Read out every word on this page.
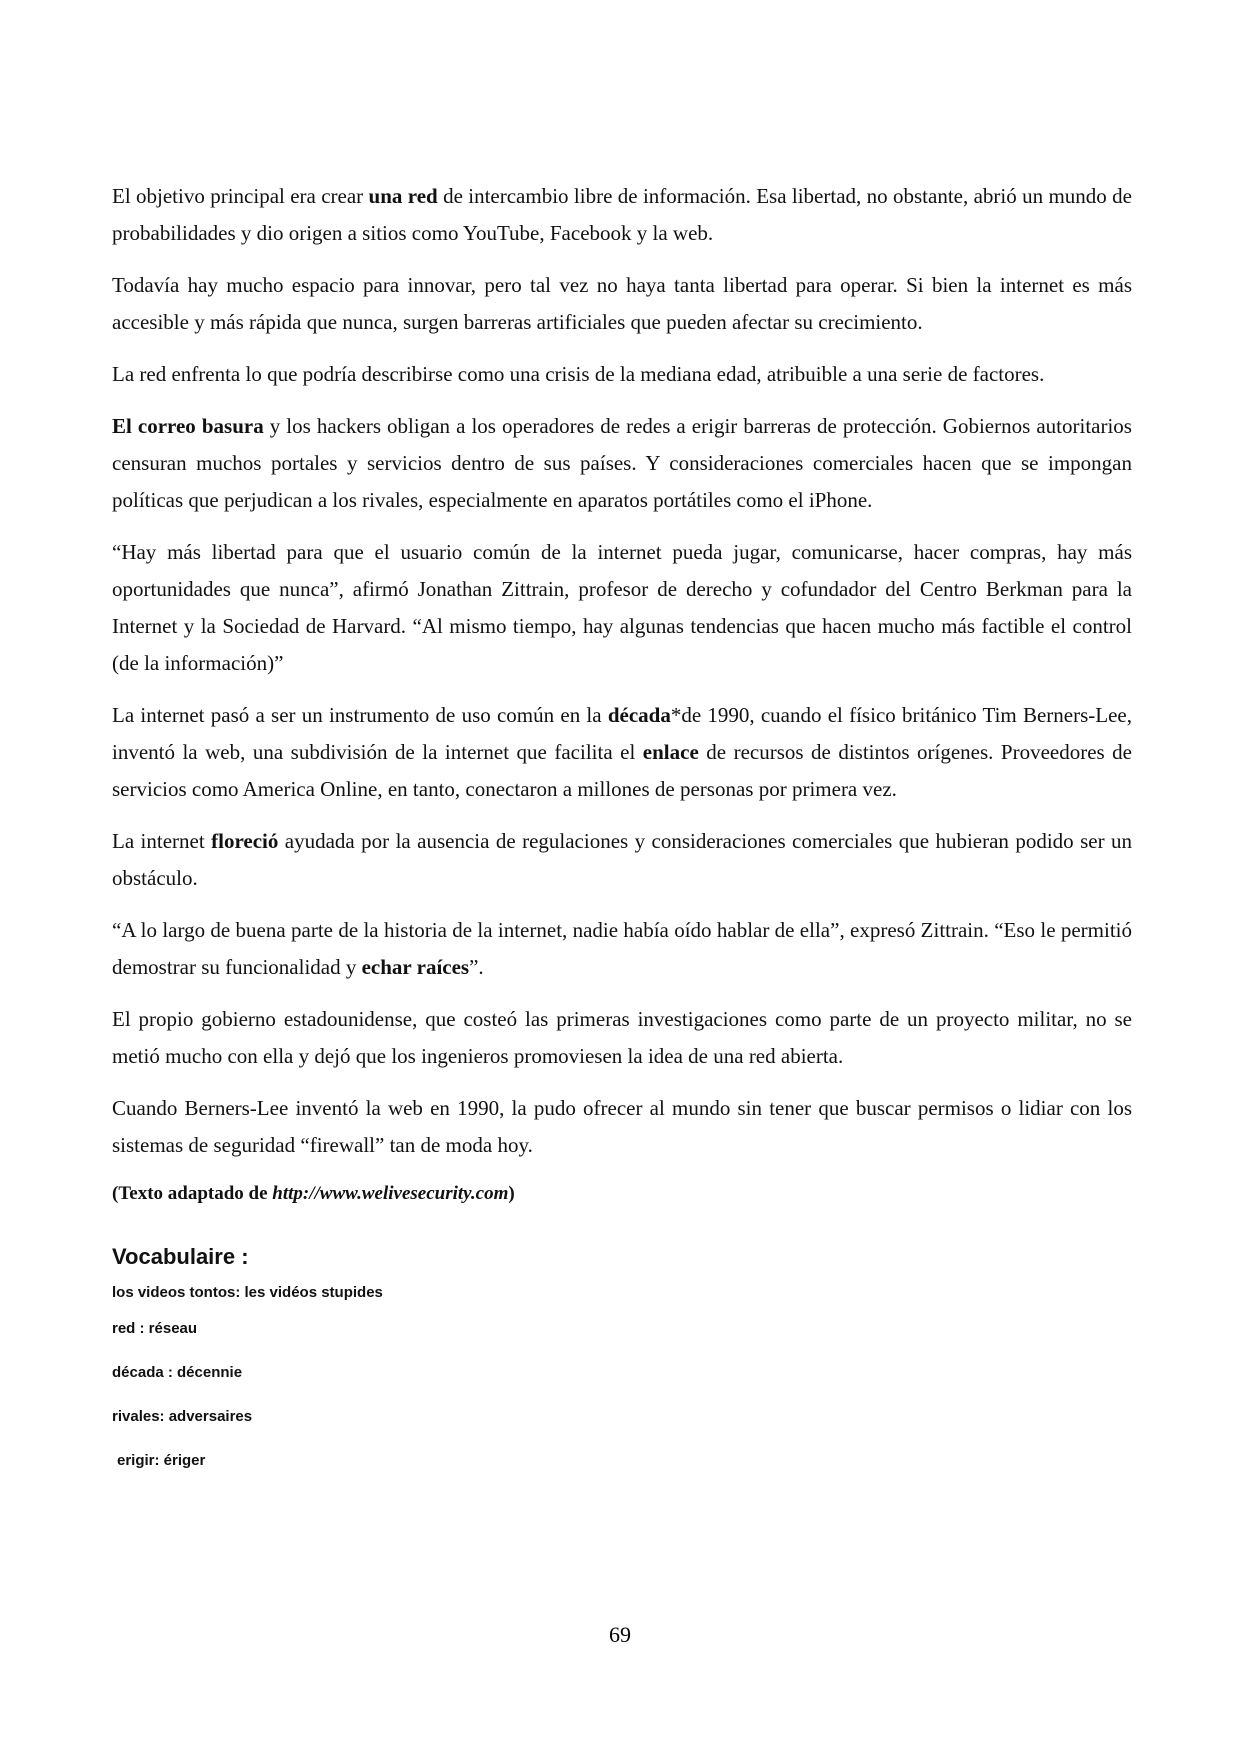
El objetivo principal era crear una red de intercambio libre de información. Esa libertad, no obstante, abrió un mundo de probabilidades y dio origen a sitios como YouTube, Facebook y la web.

Todavía hay mucho espacio para innovar, pero tal vez no haya tanta libertad para operar. Si bien la internet es más accesible y más rápida que nunca, surgen barreras artificiales que pueden afectar su crecimiento.

La red enfrenta lo que podría describirse como una crisis de la mediana edad, atribuible a una serie de factores.

El correo basura y los hackers obligan a los operadores de redes a erigir barreras de protección. Gobiernos autoritarios censuran muchos portales y servicios dentro de sus países. Y consideraciones comerciales hacen que se impongan políticas que perjudican a los rivales, especialmente en aparatos portátiles como el iPhone.

“Hay más libertad para que el usuario común de la internet pueda jugar, comunicarse, hacer compras, hay más oportunidades que nunca”, afirmó Jonathan Zittrain, profesor de derecho y cofundador del Centro Berkman para la Internet y la Sociedad de Harvard. “Al mismo tiempo, hay algunas tendencias que hacen mucho más factible el control (de la información)”

La internet pasó a ser un instrumento de uso común en la década*de 1990, cuando el físico británico Tim Berners-Lee, inventó la web, una subdivisión de la internet que facilita el enlace de recursos de distintos orígenes. Proveedores de servicios como America Online, en tanto, conectaron a millones de personas por primera vez.

La internet floreció ayudada por la ausencia de regulaciones y consideraciones comerciales que hubieran podido ser un obstáculo.

“A lo largo de buena parte de la historia de la internet, nadie había oído hablar de ella”, expresó Zittrain. “Eso le permitió demostrar su funcionalidad y echar raíces”.

El propio gobierno estadounidense, que costeó las primeras investigaciones como parte de un proyecto militar, no se metió mucho con ella y dejó que los ingenieros promoviesen la idea de una red abierta.

Cuando Berners-Lee inventó la web en 1990, la pudo ofrecer al mundo sin tener que buscar permisos o lidiar con los sistemas de seguridad “firewall” tan de moda hoy.

(Texto adaptado de http://www.welivesecurity.com)

Vocabulaire :
los videos tontos: les vidéos stupides
red : réseau
década : décennie
rivales: adversaires
erigir: ériger
69
